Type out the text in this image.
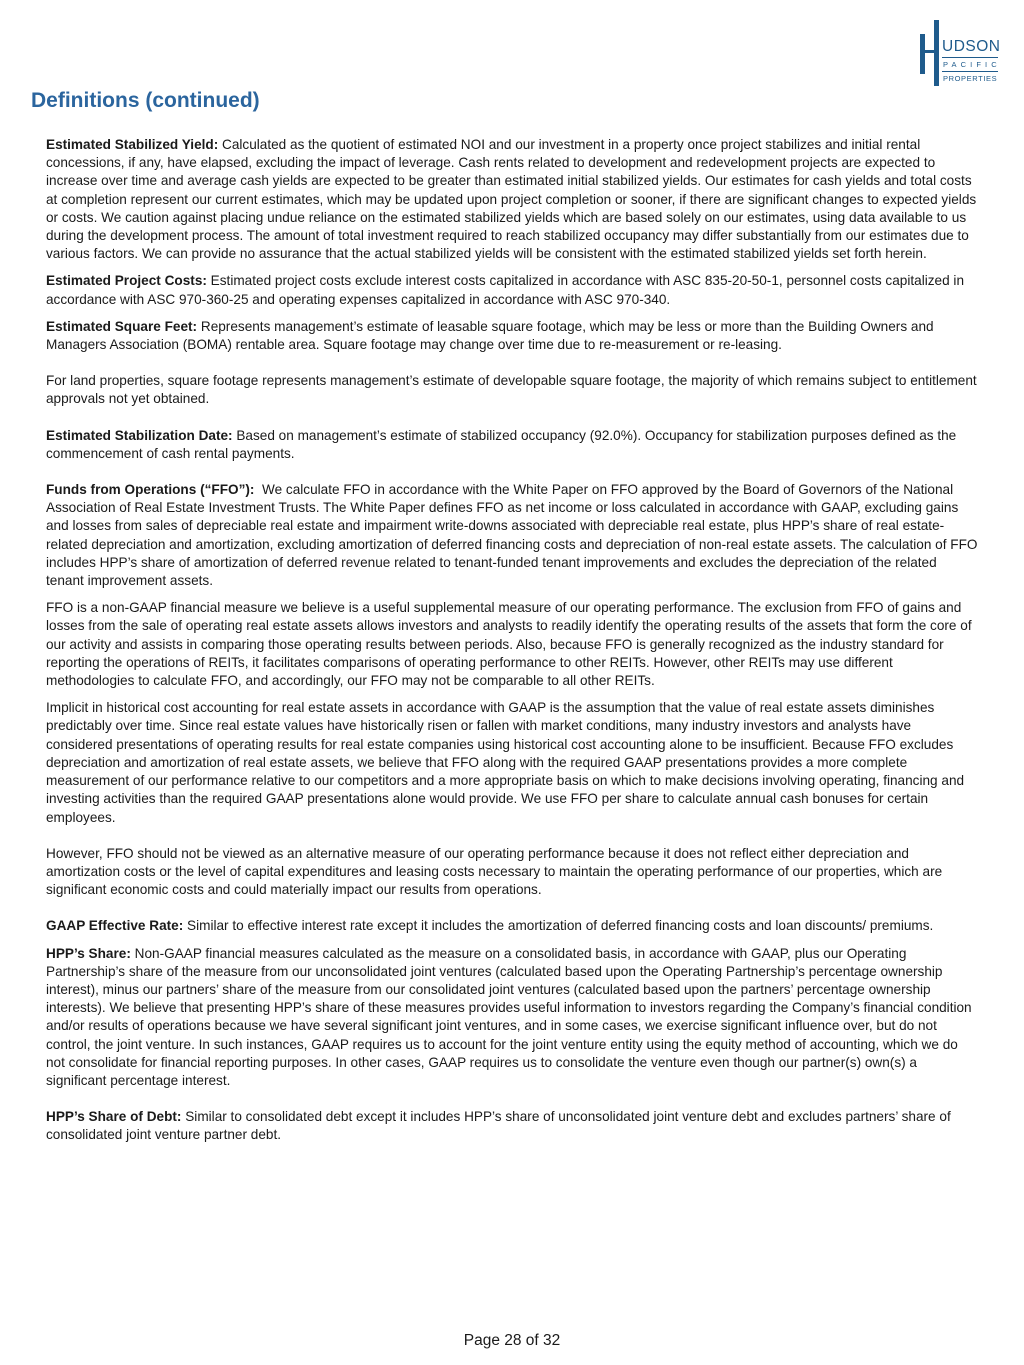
UDSON
PACIFIC
PROPERTIES
Definitions (continued)

Estimated Stabilized Yield: Calculated as the quotient of estimated NOI and our investment in a property once project stabilizes and initial rental concessions, if any, have elapsed, excluding the impact of leverage. Cash rents related to development and redevelopment projects are expected to increase over time and average cash yields are expected to be greater than estimated initial stabilized yields. Our estimates for cash yields and total costs at completion represent our current estimates, which may be updated upon project completion or sooner, if there are significant changes to expected yields or costs. We caution against placing undue reliance on the estimated stabilized yields which are based solely on our estimates, using data available to us during the development process. The amount of total investment required to reach stabilized occupancy may differ substantially from our estimates due to various factors. We can provide no assurance that the actual stabilized yields will be consistent with the estimated stabilized yields set forth herein.

Estimated Project Costs: Estimated project costs exclude interest costs capitalized in accordance with ASC 835-20-50-1, personnel costs capitalized in accordance with ASC 970-360-25 and operating expenses capitalized in accordance with ASC 970-340.

Estimated Square Feet: Represents management’s estimate of leasable square footage, which may be less or more than the Building Owners and Managers Association (BOMA) rentable area. Square footage may change over time due to re-measurement or re-leasing.

For land properties, square footage represents management’s estimate of developable square footage, the majority of which remains subject to entitlement approvals not yet obtained.

Estimated Stabilization Date: Based on management’s estimate of stabilized occupancy (92.0%). Occupancy for stabilization purposes defined as the commencement of cash rental payments.

Funds from Operations (“FFO”):  We calculate FFO in accordance with the White Paper on FFO approved by the Board of Governors of the National Association of Real Estate Investment Trusts. The White Paper defines FFO as net income or loss calculated in accordance with GAAP, excluding gains and losses from sales of depreciable real estate and impairment write-downs associated with depreciable real estate, plus HPP’s share of real estate-related depreciation and amortization, excluding amortization of deferred financing costs and depreciation of non-real estate assets. The calculation of FFO includes HPP’s share of amortization of deferred revenue related to tenant-funded tenant improvements and excludes the depreciation of the related tenant improvement assets.

FFO is a non-GAAP financial measure we believe is a useful supplemental measure of our operating performance. The exclusion from FFO of gains and losses from the sale of operating real estate assets allows investors and analysts to readily identify the operating results of the assets that form the core of our activity and assists in comparing those operating results between periods. Also, because FFO is generally recognized as the industry standard for reporting the operations of REITs, it facilitates comparisons of operating performance to other REITs. However, other REITs may use different methodologies to calculate FFO, and accordingly, our FFO may not be comparable to all other REITs.

Implicit in historical cost accounting for real estate assets in accordance with GAAP is the assumption that the value of real estate assets diminishes predictably over time. Since real estate values have historically risen or fallen with market conditions, many industry investors and analysts have considered presentations of operating results for real estate companies using historical cost accounting alone to be insufficient. Because FFO excludes depreciation and amortization of real estate assets, we believe that FFO along with the required GAAP presentations provides a more complete measurement of our performance relative to our competitors and a more appropriate basis on which to make decisions involving operating, financing and investing activities than the required GAAP presentations alone would provide. We use FFO per share to calculate annual cash bonuses for certain employees.

However, FFO should not be viewed as an alternative measure of our operating performance because it does not reflect either depreciation and amortization costs or the level of capital expenditures and leasing costs necessary to maintain the operating performance of our properties, which are significant economic costs and could materially impact our results from operations.

GAAP Effective Rate: Similar to effective interest rate except it includes the amortization of deferred financing costs and loan discounts/ premiums.

HPP’s Share: Non-GAAP financial measures calculated as the measure on a consolidated basis, in accordance with GAAP, plus our Operating Partnership’s share of the measure from our unconsolidated joint ventures (calculated based upon the Operating Partnership’s percentage ownership interest), minus our partners’ share of the measure from our consolidated joint ventures (calculated based upon the partners’ percentage ownership interests). We believe that presenting HPP’s share of these measures provides useful information to investors regarding the Company’s financial condition and/or results of operations because we have several significant joint ventures, and in some cases, we exercise significant influence over, but do not control, the joint venture. In such instances, GAAP requires us to account for the joint venture entity using the equity method of accounting, which we do not consolidate for financial reporting purposes. In other cases, GAAP requires us to consolidate the venture even though our partner(s) own(s) a significant percentage interest.

HPP’s Share of Debt: Similar to consolidated debt except it includes HPP’s share of unconsolidated joint venture debt and excludes partners’ share of consolidated joint venture partner debt.

Page 28 of 32
